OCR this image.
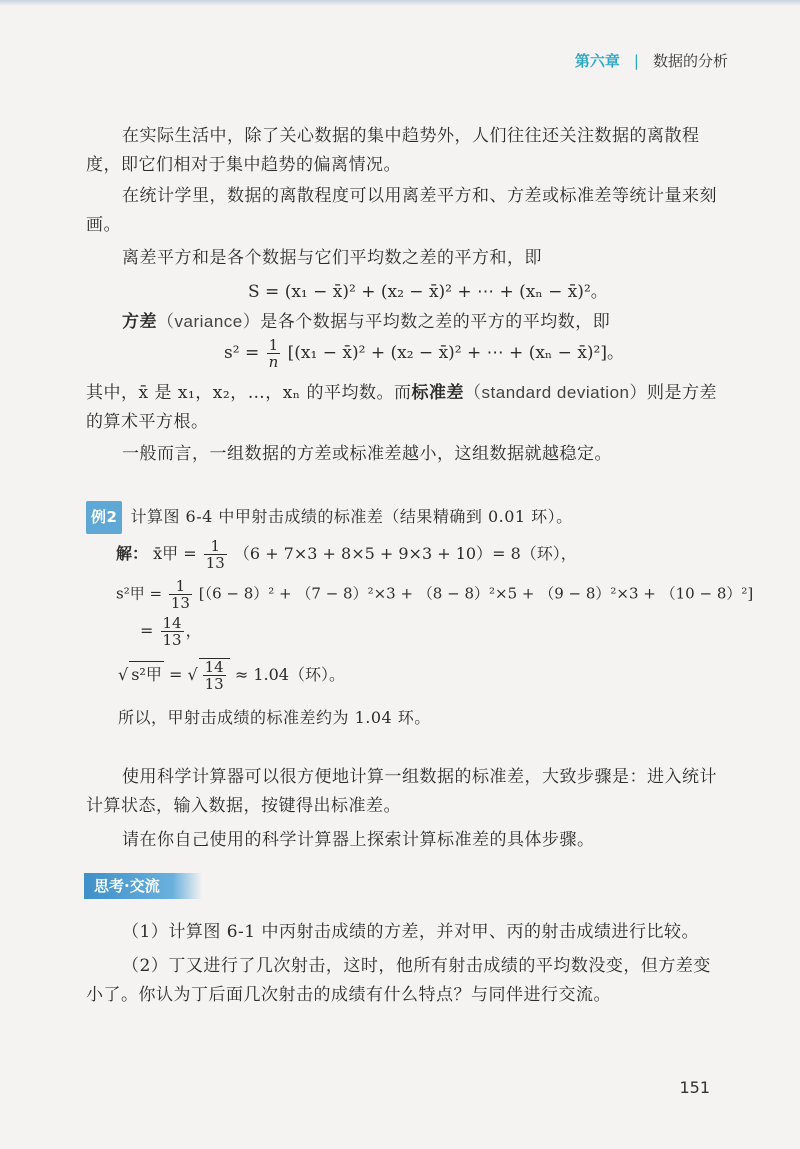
第六章 | 数据的分析
在实际生活中，除了关心数据的集中趋势外，人们往往还关注数据的离散程度，即它们相对于集中趋势的偏离情况。
在统计学里，数据的离散程度可以用离差平方和、方差或标准差等统计量来刻画。
离差平方和是各个数据与它们平均数之差的平方和，即
S = (x₁ − x̄)² + (x₂ − x̄)² + ⋯ + (xₙ − x̄)²。
方差（variance）是各个数据与平均数之差的平方的平均数，即
$s^2 = \frac{1}{n} [(x_1$ − x̄)² + (x₂ − x̄)² + ⋯ + (xₙ − x̄)²]。
其中，x̄ 是 x₁，x₂，…，xₙ 的平均数。而标准差（standard deviation）则是方差的算术平方根。
一般而言，一组数据的方差或标准差越小，这组数据就越稳定。
例2 计算图 6-4 中甲射击成绩的标准差（结果精确到 0.01 环）。
解： x̄甲 = $\frac{1}{13} (6 + 7\times 3 + 8\times 5 + 9\times 3 + 10)= 8$（环），
s²甲 = $\frac{1}{13} [(6 - 8)^2 + (7 - 8)^2\times 3 + (8 - 8)^2\times 5 + (9 - 8)^2\times 3 + (10 - 8)^2]$
= $\frac{14}{13}$ ，
√ s²甲 = √ $\frac{14}{13} \approx 1.04$（环）。
所以，甲射击成绩的标准差约为 1.04 环。
使用科学计算器可以很方便地计算一组数据的标准差，大致步骤是：进入统计计算状态，输入数据，按键得出标准差。
请在你自己使用的科学计算器上探索计算标准差的具体步骤。
思考·交流
（1）计算图 6-1 中丙射击成绩的方差，并对甲、丙的射击成绩进行比较。
（2）丁又进行了几次射击，这时，他所有射击成绩的平均数没变，但方差变小了。你认为丁后面几次射击的成绩有什么特点？与同伴进行交流。
151
